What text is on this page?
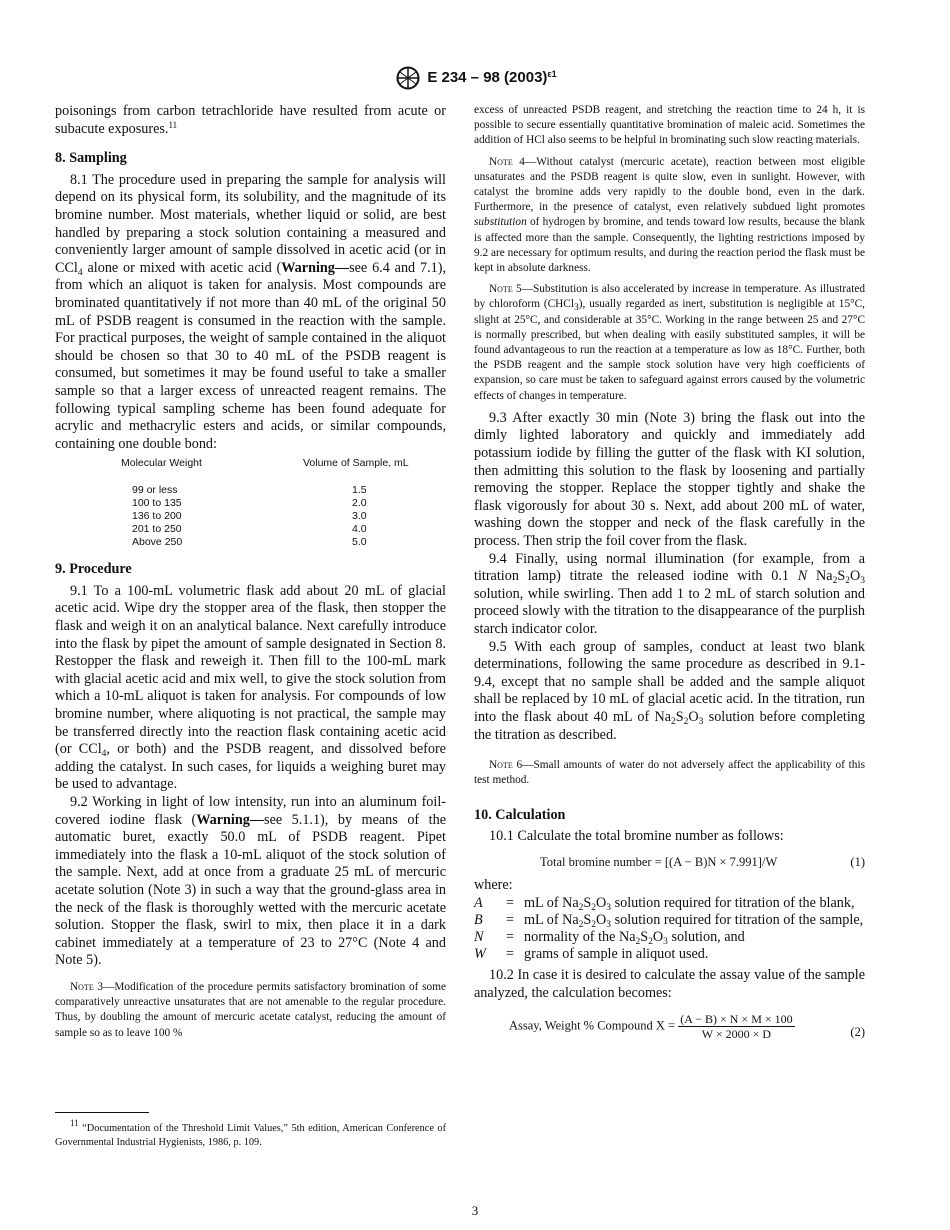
E 234 – 98 $(2003)^{\varepsilon 1}$

poisonings from carbon tetrachloride have resulted from acute or subacute exposures.$^{11}$

8. Sampling

8.1 The procedure used in preparing the sample for analysis will depend on its physical form, its solubility, and the magnitude of its bromine number. Most materials, whether liquid or solid, are best handled by preparing a stock solution containing a measured and conveniently larger amount of sample dissolved in acetic acid (or in CCl$_4$ alone or mixed with acetic acid (Warning—see 6.4 and 7.1), from which an aliquot is taken for analysis. Most compounds are brominated quantitatively if not more than 40 mL of the original 50 mL of PSDB reagent is consumed in the reaction with the sample. For practical purposes, the weight of sample contained in the aliquot should be chosen so that 30 to 40 mL of the PSDB reagent is consumed, but sometimes it may be found useful to take a smaller sample so that a larger excess of unreacted reagent remains. The following typical sampling scheme has been found adequate for acrylic and methacrylic esters and acids, or similar compounds, containing one double bond:

Molecular Weight	Volume of Sample, mL
99 or less	1.5
100 to 135	2.0
136 to 200	3.0
201 to 250	4.0
Above 250	5.0
9. Procedure

9.1 To a 100-mL volumetric flask add about 20 mL of glacial acetic acid. Wipe dry the stopper area of the flask, then stopper the flask and weigh it on an analytical balance. Next carefully introduce into the flask by pipet the amount of sample designated in Section 8. Restopper the flask and reweigh it. Then fill to the 100-mL mark with glacial acetic acid and mix well, to give the stock solution from which a 10-mL aliquot is taken for analysis. For compounds of low bromine number, where aliquoting is not practical, the sample may be transferred directly into the reaction flask containing acetic acid (or CCl$_4$, or both) and the PSDB reagent, and dissolved before adding the catalyst. In such cases, for liquids a weighing buret may be used to advantage.

9.2 Working in light of low intensity, run into an aluminum foil-covered iodine flask (Warning—see 5.1.1), by means of the automatic buret, exactly 50.0 mL of PSDB reagent. Pipet immediately into the flask a 10-mL aliquot of the stock solution of the sample. Next, add at once from a graduate 25 mL of mercuric acetate solution (Note 3) in such a way that the ground-glass area in the neck of the flask is thoroughly wetted with the mercuric acetate solution. Stopper the flask, swirl to mix, then place it in a dark cabinet immediately at a temperature of 23 to 27°C (Note 4 and Note 5).

Note 3—Modification of the procedure permits satisfactory bromination of some comparatively unreactive unsaturates that are not amenable to the regular procedure. Thus, by doubling the amount of mercuric acetate catalyst, reducing the amount of sample so as to leave 100 %

excess of unreacted PSDB reagent, and stretching the reaction time to 24 h, it is possible to secure essentially quantitative bromination of maleic acid. Sometimes the addition of HCl also seems to be helpful in brominating such slow reacting materials.

Note 4—Without catalyst (mercuric acetate), reaction between most eligible unsaturates and the PSDB reagent is quite slow, even in sunlight. However, with catalyst the bromine adds very rapidly to the double bond, even in the dark. Furthermore, in the presence of catalyst, even relatively subdued light promotes substitution of hydrogen by bromine, and tends toward low results, because the blank is affected more than the sample. Consequently, the lighting restrictions imposed by 9.2 are necessary for optimum results, and during the reaction period the flask must be kept in absolute darkness.

Note 5—Substitution is also accelerated by increase in temperature. As illustrated by chloroform (CHCl$_3$), usually regarded as inert, substitution is negligible at 15°C, slight at 25°C, and considerable at 35°C. Working in the range between 25 and 27°C is normally prescribed, but when dealing with easily substituted samples, it will be found advantageous to run the reaction at a temperature as low as 18°C. Further, both the PSDB reagent and the sample stock solution have very high coefficients of expansion, so care must be taken to safeguard against errors caused by the volumetric effects of changes in temperature.

9.3 After exactly 30 min (Note 3) bring the flask out into the dimly lighted laboratory and quickly and immediately add potassium iodide by filling the gutter of the flask with KI solution, then admitting this solution to the flask by loosening and partially removing the stopper. Replace the stopper tightly and shake the flask vigorously for about 30 s. Next, add about 200 mL of water, washing down the stopper and neck of the flask carefully in the process. Then strip the foil cover from the flask.

9.4 Finally, using normal illumination (for example, from a titration lamp) titrate the released iodine with 0.1 N $Na_2S_2O_3$ solution, while swirling. Then add 1 to 2 mL of starch solution and proceed slowly with the titration to the disappearance of the purplish starch indicator color.

9.5 With each group of samples, conduct at least two blank determinations, following the same procedure as described in 9.1-9.4, except that no sample shall be added and the sample aliquot shall be replaced by 10 mL of glacial acetic acid. In the titration, run into the flask about 40 mL of $Na_2S_2O_3$ solution before completing the titration as described.

Note 6—Small amounts of water do not adversely affect the applicability of this test method.

10. Calculation

10.1 Calculate the total bromine number as follows:

Total bromine number = [(A − B)N × 7.991]/W	(1)

where:

A	=	mL of $Na_2S_2O_3$ solution required for titration of the blank,
B	=	mL of $Na_2S_2O_3$ solution required for titration of the sample,
N	=	normality of the $Na_2S_2O_3$ solution, and
W	=	grams of sample in aliquot used.

10.2 In case it is desired to calculate the assay value of the sample analyzed, the calculation becomes:

Assay, Weight % Compound $X = \frac{(A - B) \times N \times M \times 100}{W \times 2000 \times D}$	(2)
11 “Documentation of the Threshold Limit Values,” 5th edition, American Conference of Governmental Industrial Hygienists, 1986, p. 109.
3
